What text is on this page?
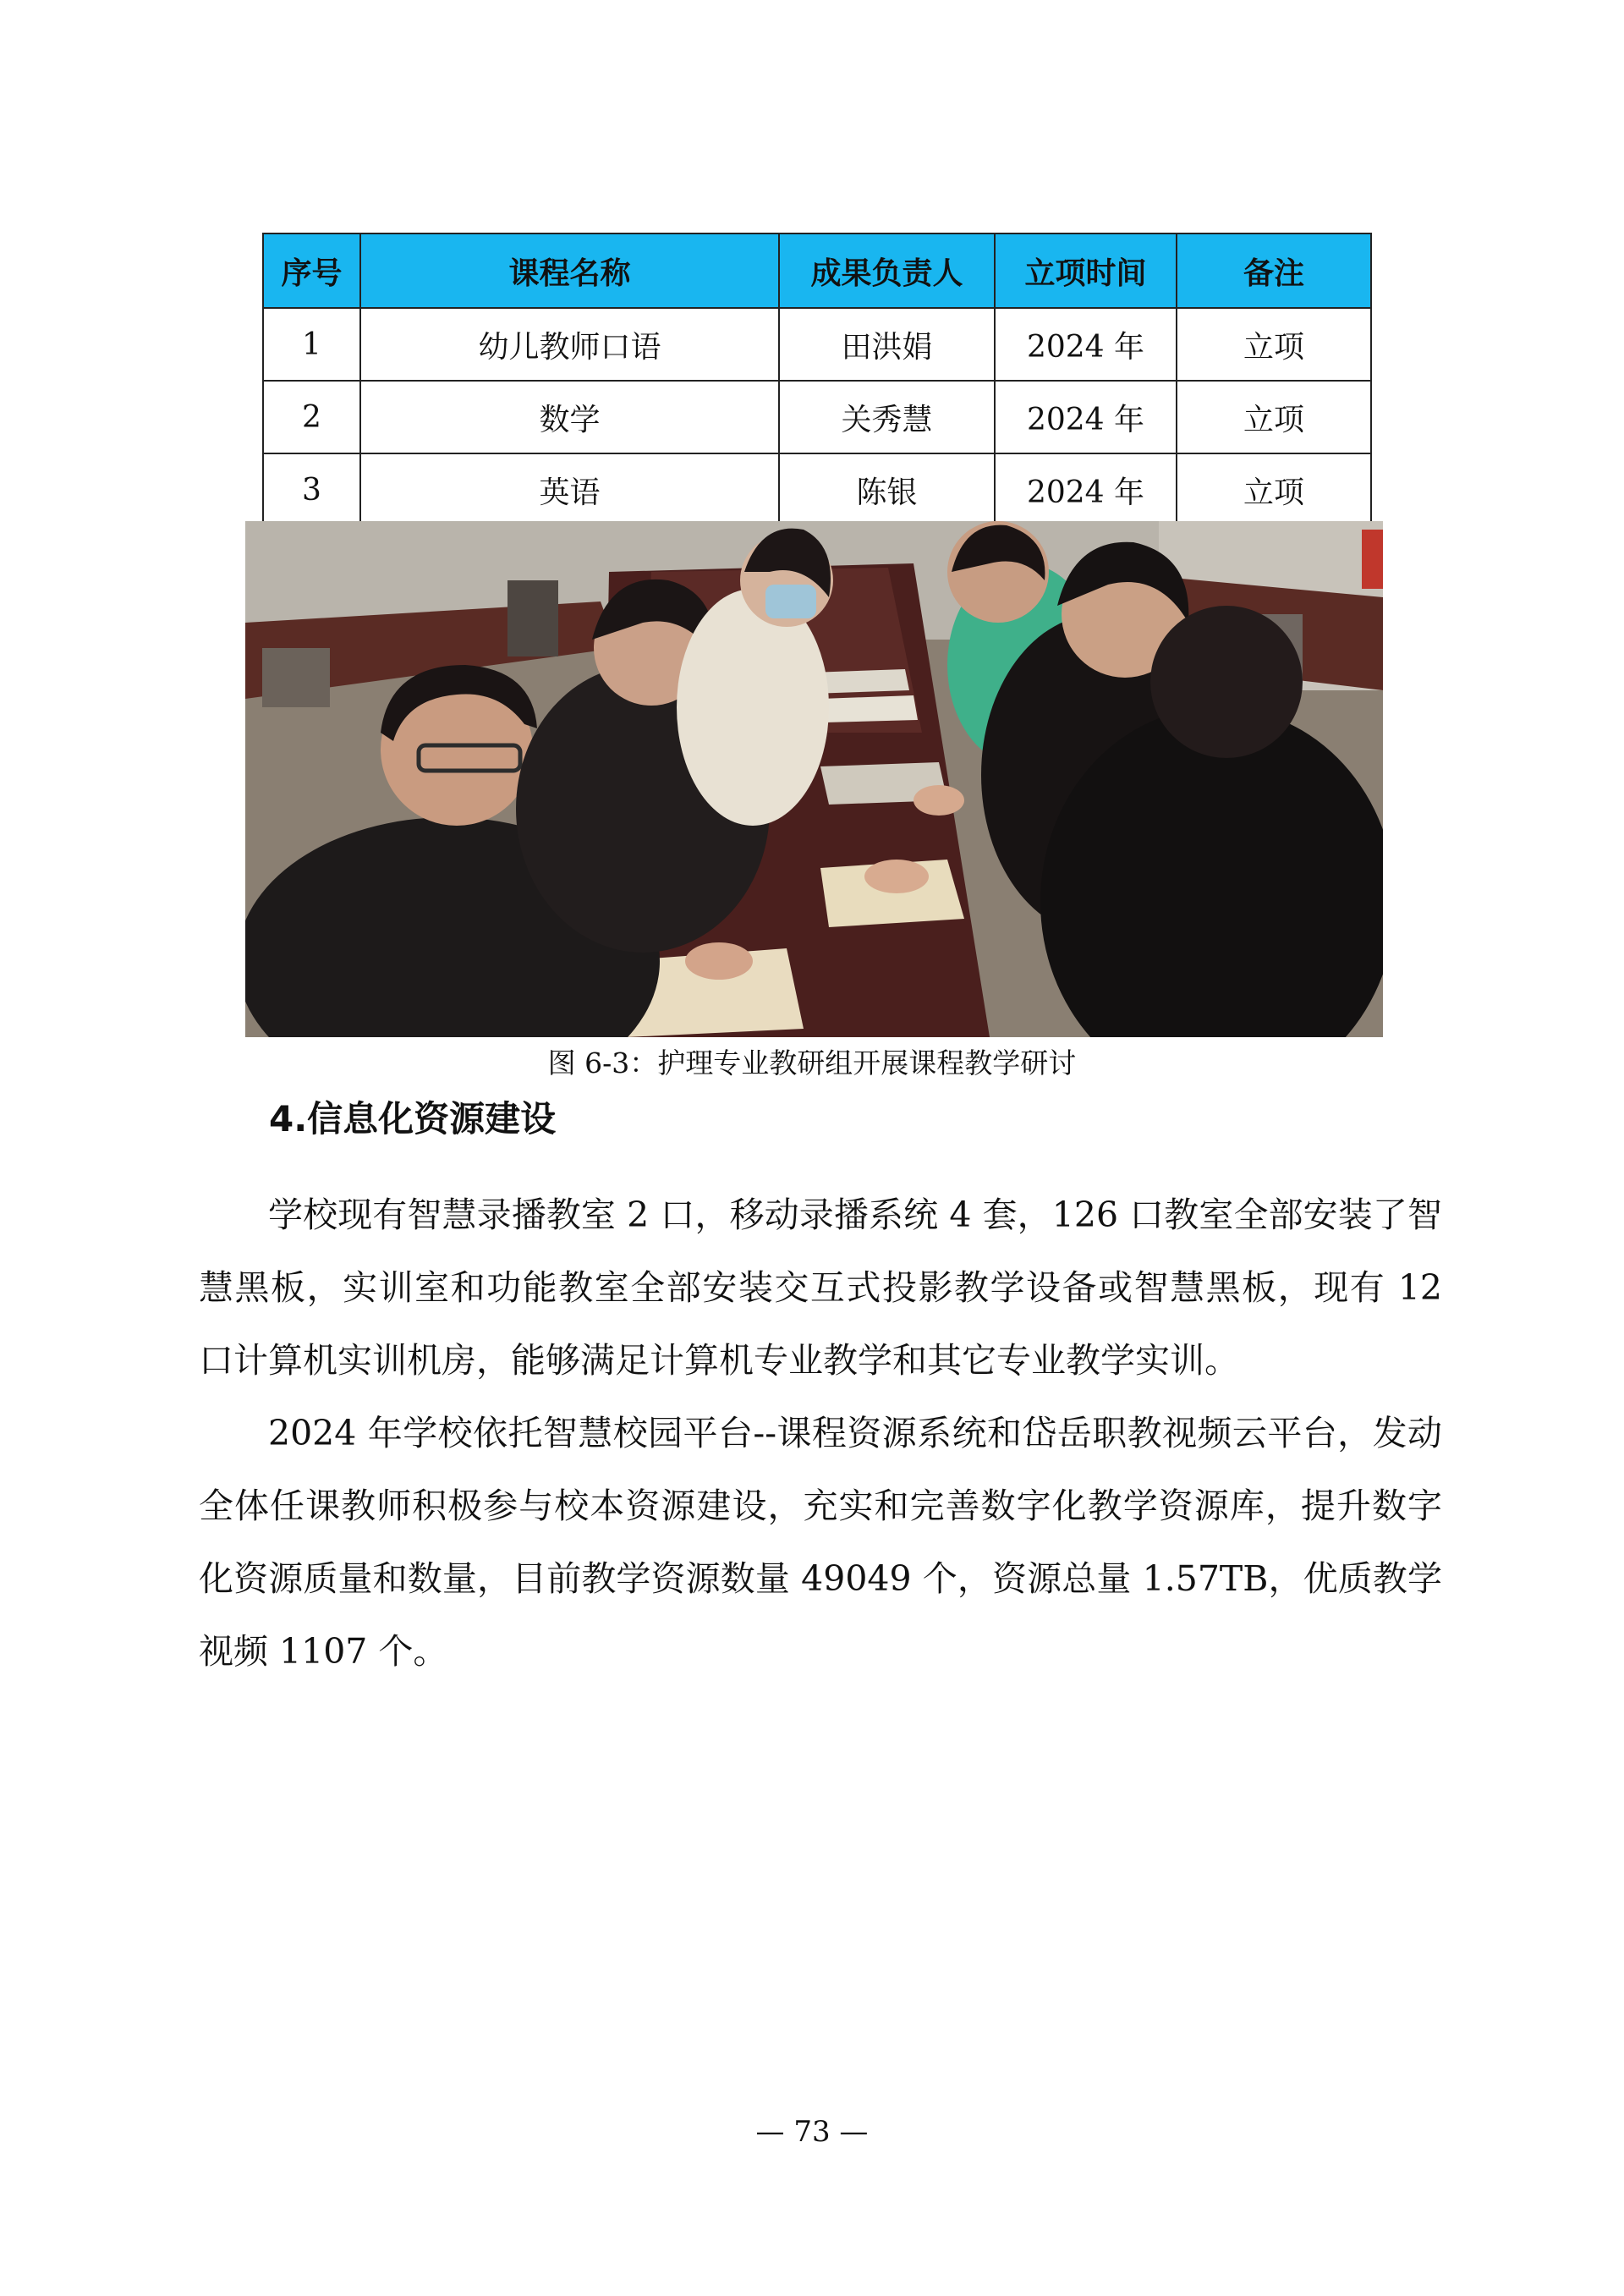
序号	课程名称	成果负责人	立项时间	备注
1	幼儿教师口语	田洪娟	2024 年	立项
2	数学	关秀慧	2024 年	立项
3	英语	陈银	2024 年	立项
图 6-3：护理专业教研组开展课程教学研讨
4.信息化资源建设

学校现有智慧录播教室 2 口，移动录播系统 4 套，126 口教室全部安装了智慧黑板，实训室和功能教室全部安装交互式投影教学设备或智慧黑板，现有 12 口计算机实训机房，能够满足计算机专业教学和其它专业教学实训。

2024 年学校依托智慧校园平台--课程资源系统和岱岳职教视频云平台，发动全体任课教师积极参与校本资源建设，充实和完善数字化教学资源库，提升数字化资源质量和数量，目前教学资源数量 49049 个，资源总量 1.57TB，优质教学视频 1107 个。

— 73 —
